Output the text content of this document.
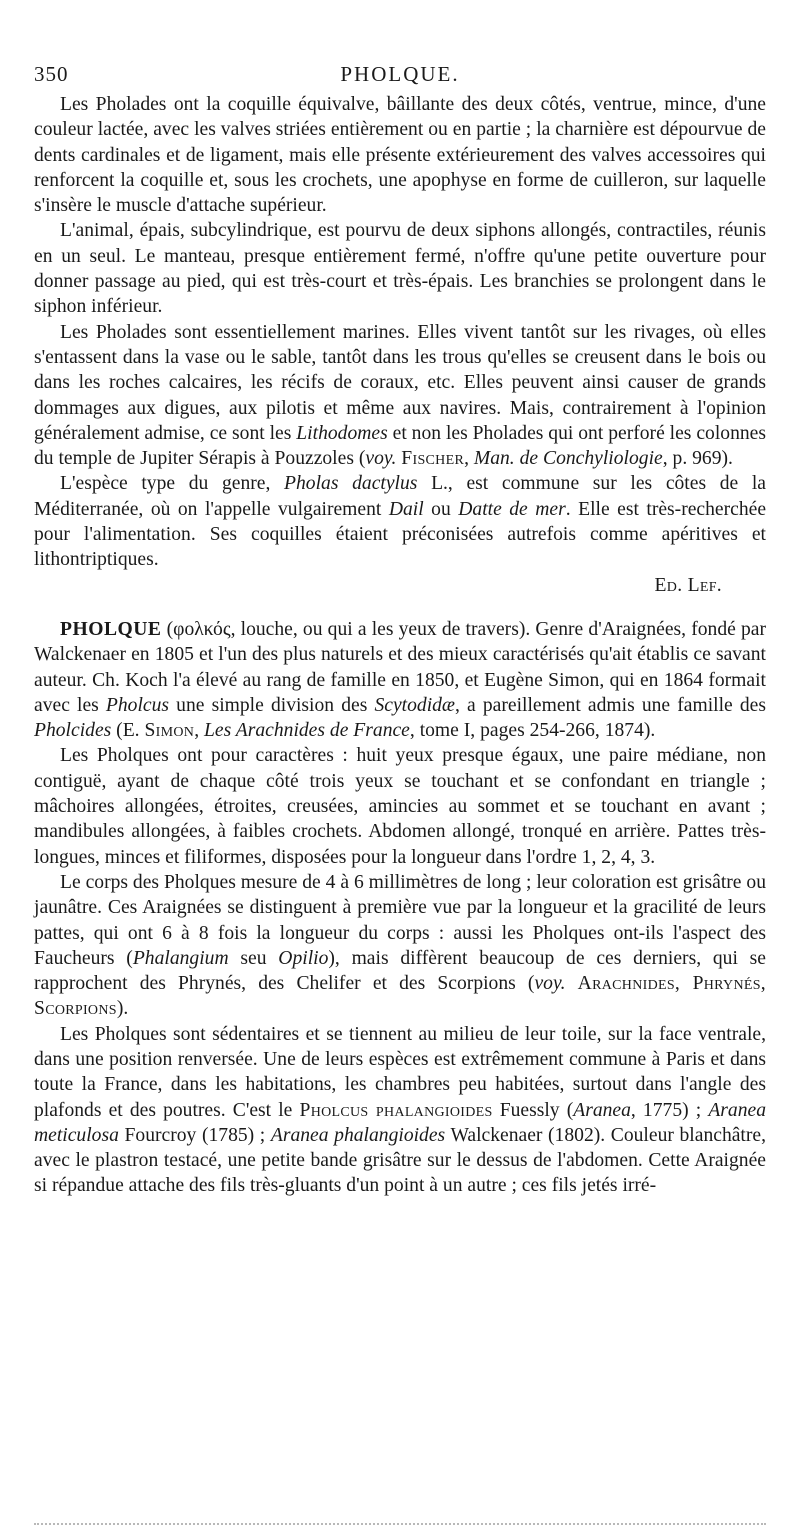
PHOLQUE.
350

Les Pholades ont la coquille équivalve, bâillante des deux côtés, ventrue, mince, d'une couleur lactée, avec les valves striées entièrement ou en partie ; la charnière est dépourvue de dents cardinales et de ligament, mais elle présente extérieurement des valves accessoires qui renforcent la coquille et, sous les crochets, une apophyse en forme de cuilleron, sur laquelle s'insère le muscle d'attache supérieur.

L'animal, épais, subcylindrique, est pourvu de deux siphons allongés, contractiles, réunis en un seul. Le manteau, presque entièrement fermé, n'offre qu'une petite ouverture pour donner passage au pied, qui est très-court et très-épais. Les branchies se prolongent dans le siphon inférieur.

Les Pholades sont essentiellement marines. Elles vivent tantôt sur les rivages, où elles s'entassent dans la vase ou le sable, tantôt dans les trous qu'elles se creusent dans le bois ou dans les roches calcaires, les récifs de coraux, etc. Elles peuvent ainsi causer de grands dommages aux digues, aux pilotis et même aux navires. Mais, contrairement à l'opinion généralement admise, ce sont les Lithodomes et non les Pholades qui ont perforé les colonnes du temple de Jupiter Sérapis à Pouzzoles (voy. Fischer, Man. de Conchyliologie, p. 969).

L'espèce type du genre, Pholas dactylus L., est commune sur les côtes de la Méditerranée, où on l'appelle vulgairement Dail ou Datte de mer. Elle est très-recherchée pour l'alimentation. Ses coquilles étaient préconisées autrefois comme apéritives et lithontriptiques.

Ed. Lef.

PHOLQUE (φολκός, louche, ou qui a les yeux de travers). Genre d'Araignées, fondé par Walckenaer en 1805 et l'un des plus naturels et des mieux caractérisés qu'ait établis ce savant auteur. Ch. Koch l'a élevé au rang de famille en 1850, et Eugène Simon, qui en 1864 formait avec les Pholcus une simple division des Scytodidæ, a pareillement admis une famille des Pholcides (E. Simon, Les Arachnides de France, tome I, pages 254-266, 1874).

Les Pholques ont pour caractères : huit yeux presque égaux, une paire médiane, non contiguë, ayant de chaque côté trois yeux se touchant et se confondant en triangle ; mâchoires allongées, étroites, creusées, amincies au sommet et se touchant en avant ; mandibules allongées, à faibles crochets. Abdomen allongé, tronqué en arrière. Pattes très-longues, minces et filiformes, disposées pour la longueur dans l'ordre 1, 2, 4, 3.

Le corps des Pholques mesure de 4 à 6 millimètres de long ; leur coloration est grisâtre ou jaunâtre. Ces Araignées se distinguent à première vue par la longueur et la gracilité de leurs pattes, qui ont 6 à 8 fois la longueur du corps : aussi les Pholques ont-ils l'aspect des Faucheurs (Phalangium seu Opilio), mais diffèrent beaucoup de ces derniers, qui se rapprochent des Phrynés, des Chelifer et des Scorpions (voy. Arachnides, Phrynés, Scorpions).

Les Pholques sont sédentaires et se tiennent au milieu de leur toile, sur la face ventrale, dans une position renversée. Une de leurs espèces est extrêmement commune à Paris et dans toute la France, dans les habitations, les chambres peu habitées, surtout dans l'angle des plafonds et des poutres. C'est le Pholcus phalangioides Fuessly (Aranea, 1775) ; Aranea meticulosa Fourcroy (1785) ; Aranea phalangioides Walckenaer (1802). Couleur blanchâtre, avec le plastron testacé, une petite bande grisâtre sur le dessus de l'abdomen. Cette Araignée si répandue attache des fils très-gluants d'un point à un autre ; ces fils jetés irré-
